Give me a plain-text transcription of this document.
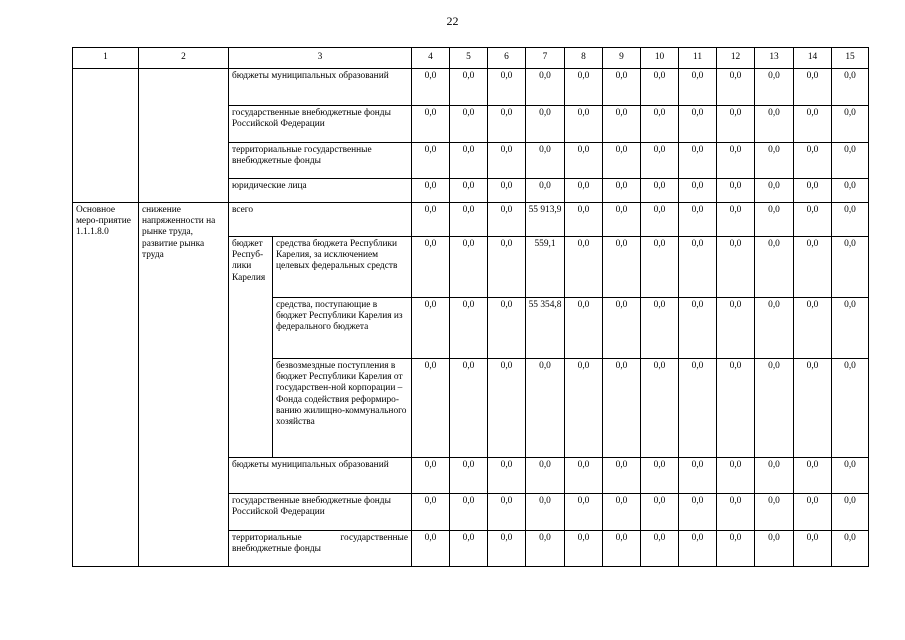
22
1	2	3		4	5	6	7	8	9	10	11	12	13	14	15
		бюджеты муниципальных образований		0,0	0,0	0,0	0,0	0,0	0,0	0,0	0,0	0,0	0,0	0,0	0,0
		государственные внебюджетные фонды Российской Федерации		0,0	0,0	0,0	0,0	0,0	0,0	0,0	0,0	0,0	0,0	0,0	0,0
		территориальные государственные внебюджетные фонды		0,0	0,0	0,0	0,0	0,0	0,0	0,0	0,0	0,0	0,0	0,0	0,0
		юридические лица		0,0	0,0	0,0	0,0	0,0	0,0	0,0	0,0	0,0	0,0	0,0	0,0
Основное меро-приятие 1.1.1.8.0	снижение напряженности на рынке труда, развитие рынка труда	всего		0,0	0,0	0,0	55 913,9	0,0	0,0	0,0	0,0	0,0	0,0	0,0	0,0
		бюджет Респуб-лики Карелия	средства бюджета Республики Карелия, за исключением целевых федеральных средств	0,0	0,0	0,0	559,1	0,0	0,0	0,0	0,0	0,0	0,0	0,0	0,0
			средства, поступающие в бюджет Республики Карелия из федерального бюджета	0,0	0,0	0,0	55 354,8	0,0	0,0	0,0	0,0	0,0	0,0	0,0	0,0
			безвозмездные поступления в бюджет Республики Карелия от государствен-ной корпорации – Фонда содействия реформиро-ванию жилищно-коммунального хозяйства	0,0	0,0	0,0	0,0	0,0	0,0	0,0	0,0	0,0	0,0	0,0	0,0
		бюджеты муниципальных образований		0,0	0,0	0,0	0,0	0,0	0,0	0,0	0,0	0,0	0,0	0,0	0,0
		государственные внебюджетные фонды Российской Федерации		0,0	0,0	0,0	0,0	0,0	0,0	0,0	0,0	0,0	0,0	0,0	0,0
		территориальные государственные внебюджетные фонды		0,0	0,0	0,0	0,0	0,0	0,0	0,0	0,0	0,0	0,0	0,0	0,0
